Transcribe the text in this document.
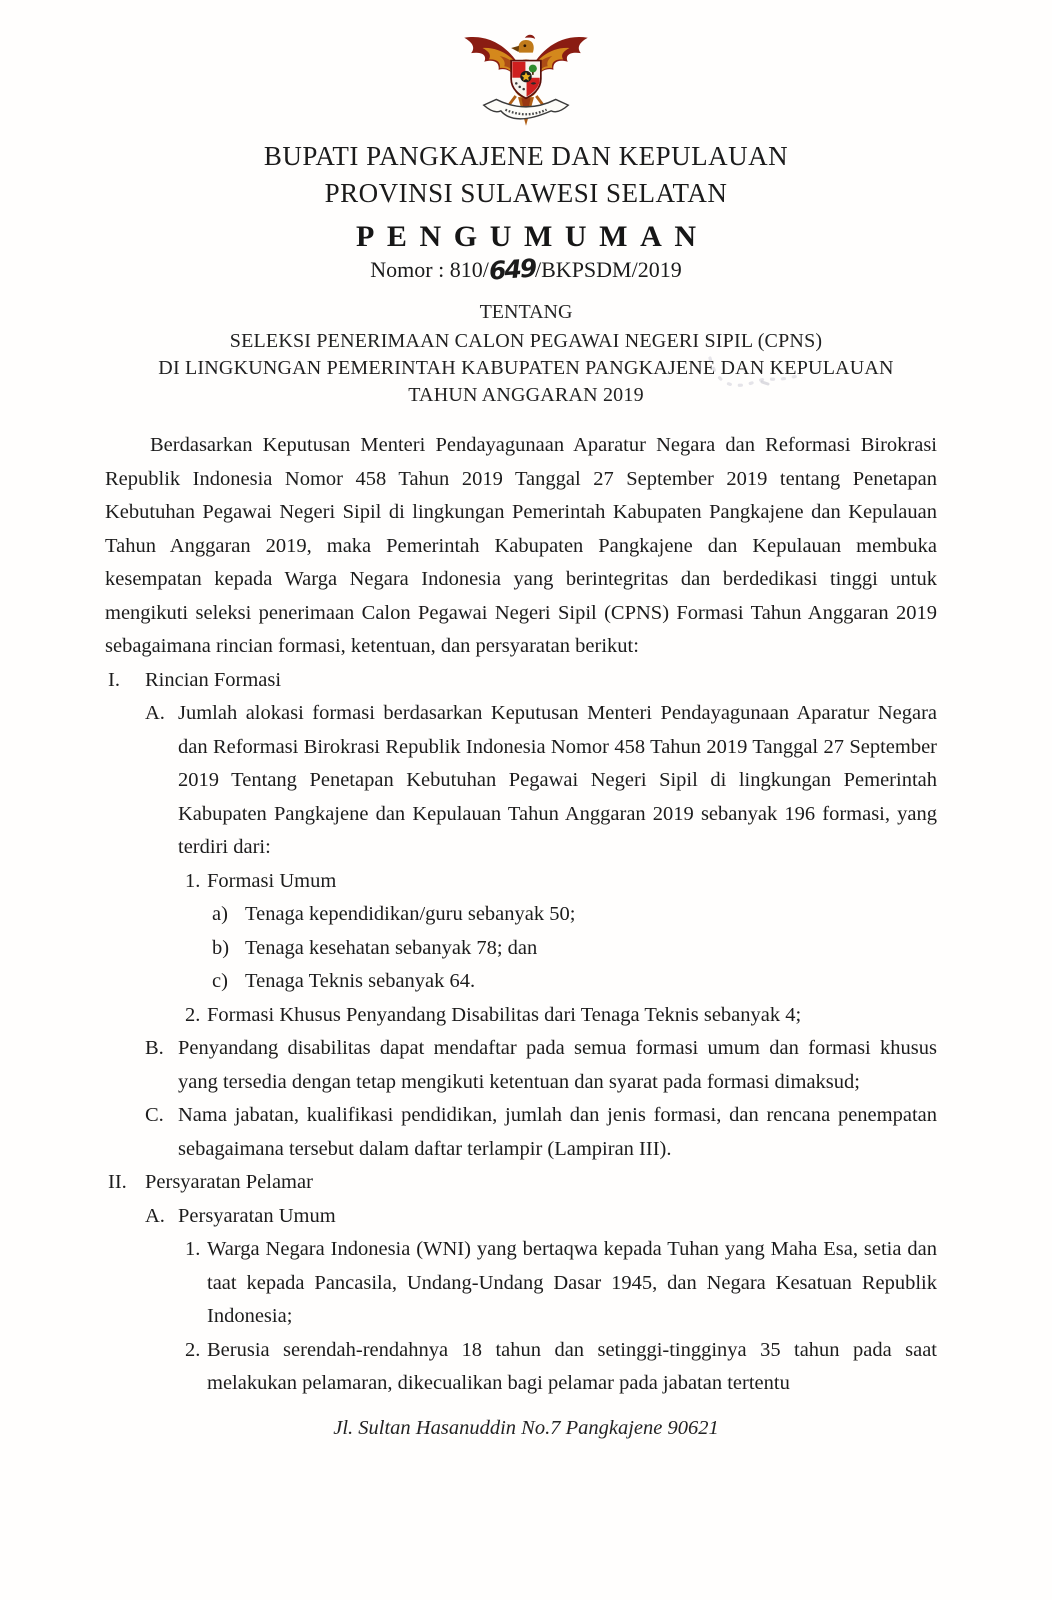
BUPATI PANGKAJENE DAN KEPULAUAN
PROVINSI SULAWESI SELATAN
PENGUMUMAN
Nomor : 810/649/BKPSDM/2019
TENTANG
SELEKSI PENERIMAAN CALON PEGAWAI NEGERI SIPIL (CPNS)
DI LINGKUNGAN PEMERINTAH KABUPATEN PANGKAJENE DAN KEPULAUAN
TAHUN ANGGARAN 2019
Berdasarkan Keputusan Menteri Pendayagunaan Aparatur Negara dan Reformasi Birokrasi Republik Indonesia Nomor 458 Tahun 2019 Tanggal 27 September 2019 tentang Penetapan Kebutuhan Pegawai Negeri Sipil di lingkungan Pemerintah Kabupaten Pangkajene dan Kepulauan Tahun Anggaran 2019, maka Pemerintah Kabupaten Pangkajene dan Kepulauan membuka kesempatan kepada Warga Negara Indonesia yang berintegritas dan berdedikasi tinggi untuk mengikuti seleksi penerimaan Calon Pegawai Negeri Sipil (CPNS) Formasi Tahun Anggaran 2019 sebagaimana rincian formasi, ketentuan, dan persyaratan berikut:
I.	Rincian Formasi
A. Jumlah alokasi formasi berdasarkan Keputusan Menteri Pendayagunaan Aparatur Negara dan Reformasi Birokrasi Republik Indonesia Nomor 458 Tahun 2019 Tanggal 27 September 2019 Tentang Penetapan Kebutuhan Pegawai Negeri Sipil di lingkungan Pemerintah Kabupaten Pangkajene dan Kepulauan Tahun Anggaran 2019 sebanyak 196 formasi, yang terdiri dari:
1. Formasi Umum
a) Tenaga kependidikan/guru sebanyak 50;
b) Tenaga kesehatan sebanyak 78; dan
c) Tenaga Teknis sebanyak 64.
2. Formasi Khusus Penyandang Disabilitas dari Tenaga Teknis sebanyak 4;
B. Penyandang disabilitas dapat mendaftar pada semua formasi umum dan formasi khusus yang tersedia dengan tetap mengikuti ketentuan dan syarat pada formasi dimaksud;
C. Nama jabatan, kualifikasi pendidikan, jumlah dan jenis formasi, dan rencana penempatan sebagaimana tersebut dalam daftar terlampir (Lampiran III).
II. Persyaratan Pelamar
A. Persyaratan Umum
1. Warga Negara Indonesia (WNI) yang bertaqwa kepada Tuhan yang Maha Esa, setia dan taat kepada Pancasila, Undang-Undang Dasar 1945, dan Negara Kesatuan Republik Indonesia;
2. Berusia serendah-rendahnya 18 tahun dan setinggi-tingginya 35 tahun pada saat melakukan pelamaran, dikecualikan bagi pelamar pada jabatan tertentu
Jl. Sultan Hasanuddin No.7 Pangkajene 90621
